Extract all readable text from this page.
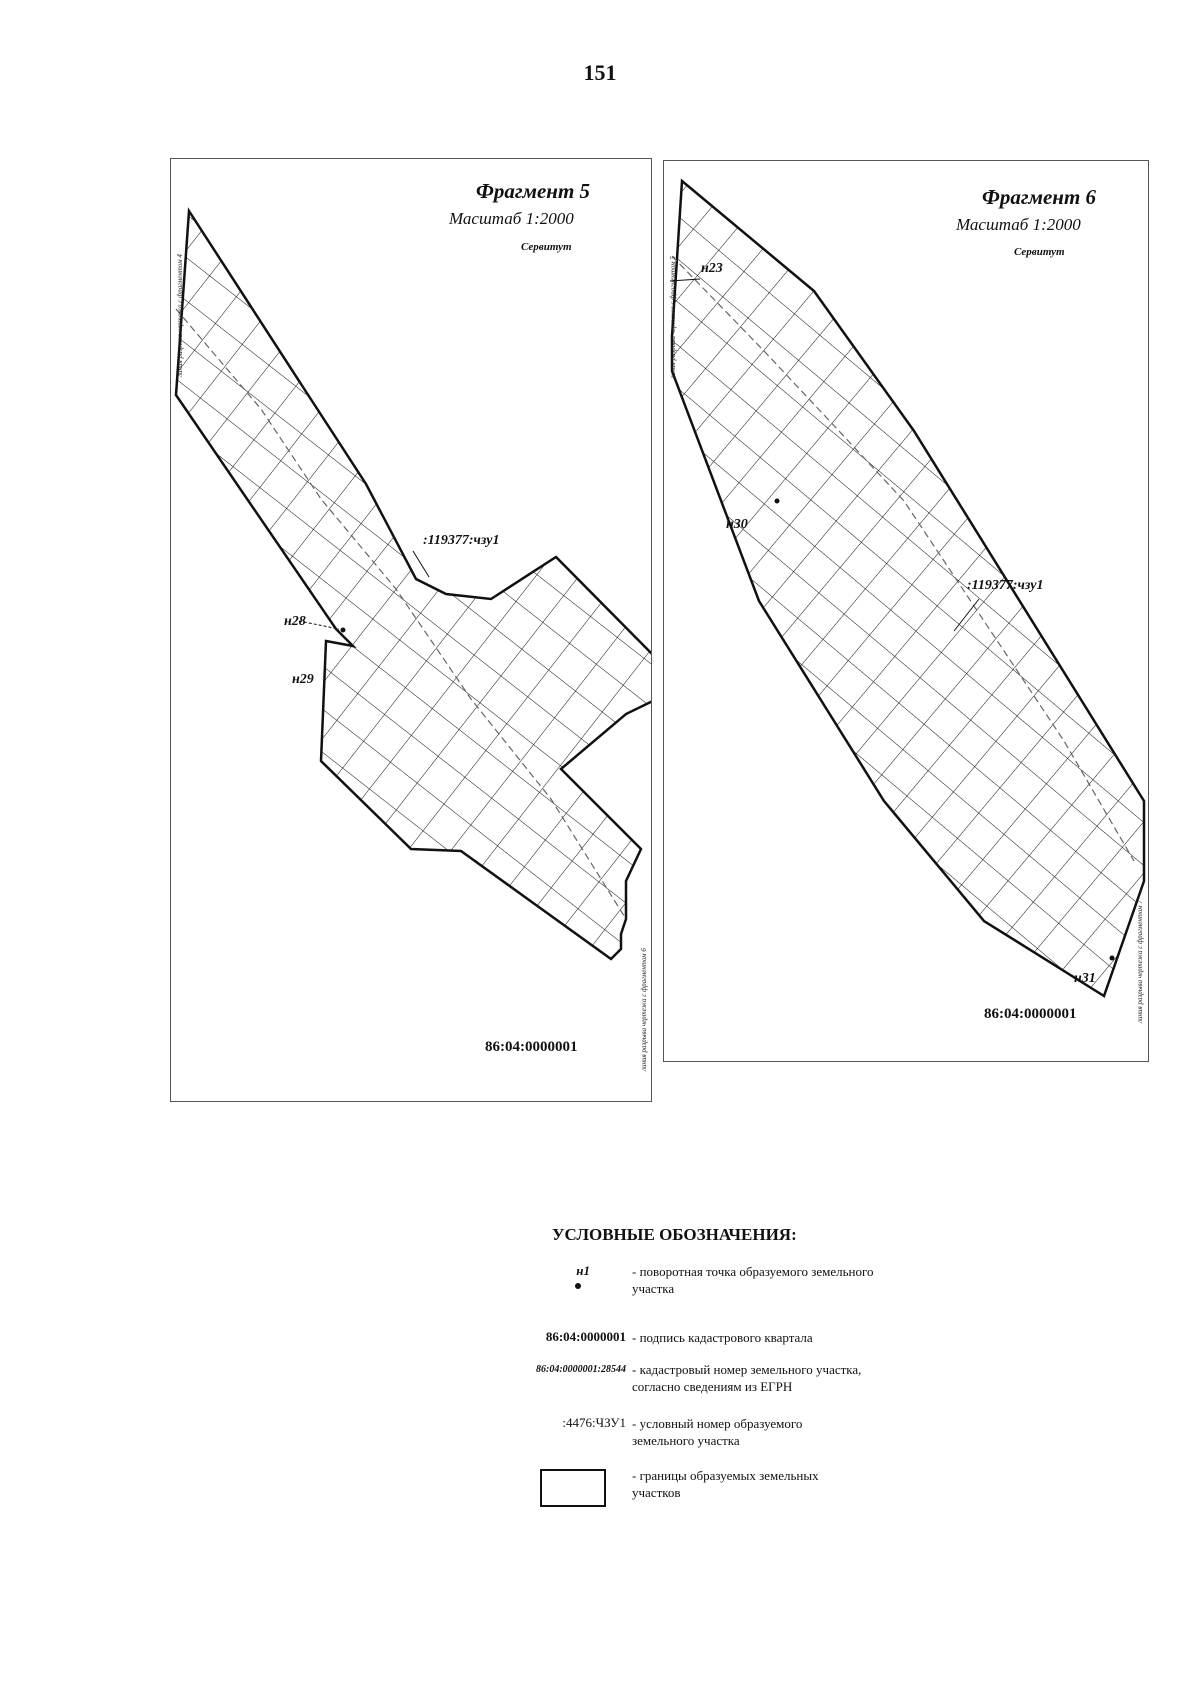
151
Фрагмент 5
Масштаб 1:2000
Сервитут
:119377:чзу1
н28
н29
86:04:0000001
линия разрыва чертежа с фрагментом 4
линия разрыва чертежа с фрагментом 6
Фрагмент 6
Масштаб 1:2000
Сервитут
н23
н30
:119377:чзу1
н31
86:04:0000001
линия разрыва чертежа с фрагментом 5
линия разрыва чертежа с фрагментом 7
УСЛОВНЫЕ ОБОЗНАЧЕНИЯ:
н1	- поворотная точка образуемого земельного участка
86:04:0000001 - подпись кадастрового квартала
86:04:0000001:28544 - кадастровый номер земельного участка, согласно сведениям из ЕГРН
:4476:ЧЗУ1 - условный номер образуемого земельного участка
- границы образуемых земельных участков
